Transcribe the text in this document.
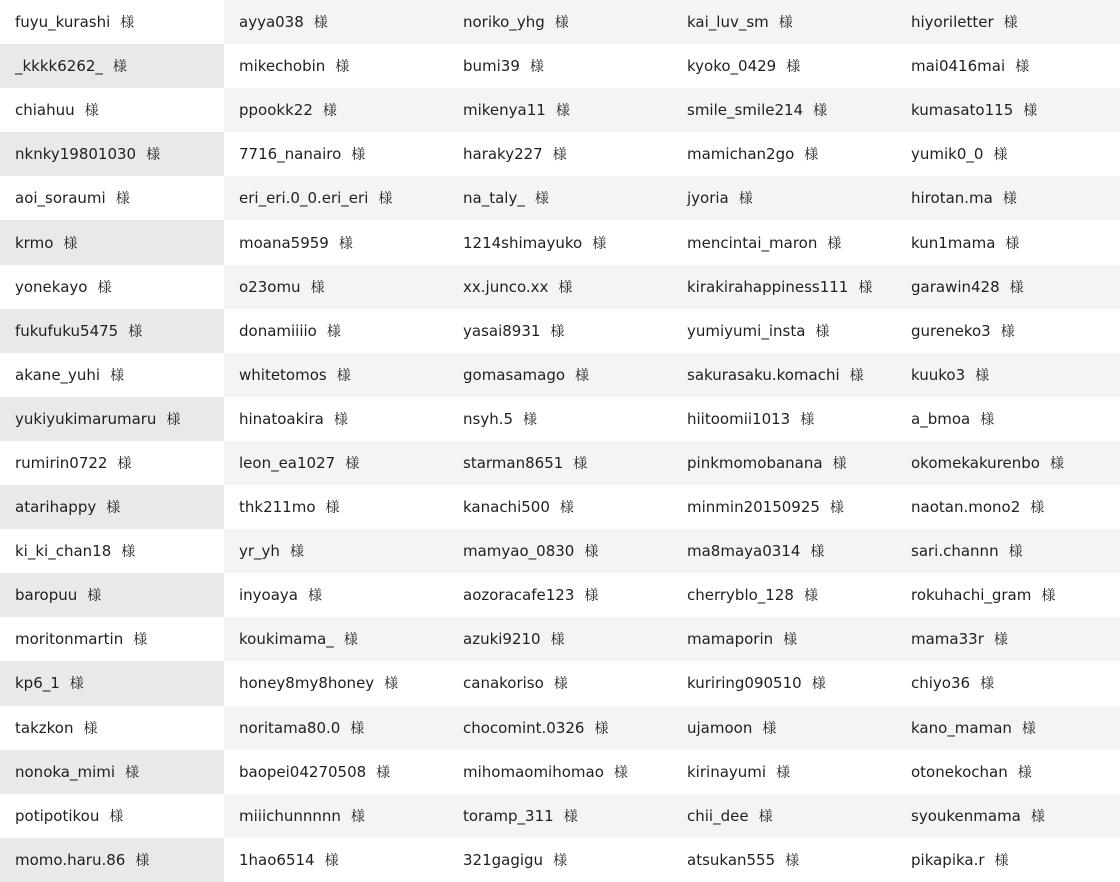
fuyu_kurashi 様	ayya038 様	noriko_yhg 様	kai_luv_sm 様	hiyoriletter 様
_kkkk6262_ 様	mikechobin 様	bumi39 様	kyoko_0429 様	mai0416mai 様
chiahuu 様	ppookk22 様	mikenya11 様	smile_smile214 様	kumasato115 様
nknky19801030 様	7716_nanairo 様	haraky227 様	mamichan2go 様	yumik0_0 様
aoi_soraumi 様	eri_eri.0_0.eri_eri 様	na_taly_ 様	jyoria 様	hirotan.ma 様
krmo 様	moana5959 様	1214shimayuko 様	mencintai_maron 様	kun1mama 様
yonekayo 様	o23omu 様	xx.junco.xx 様	kirakirahappiness111 様	garawin428 様
fukufuku5475 様	donamiiiio 様	yasai8931 様	yumiyumi_insta 様	gureneko3 様
akane_yuhi 様	whitetomos 様	gomasamago 様	sakurasaku.komachi 様	kuuko3 様
yukiyukimarumaru 様	hinatoakira 様	nsyh.5 様	hiitoomii1013 様	a_bmoa 様
rumirin0722 様	leon_ea1027 様	starman8651 様	pinkmomobanana 様	okomekakurenbo 様
atarihappy 様	thk211mo 様	kanachi500 様	minmin20150925 様	naotan.mono2 様
ki_ki_chan18 様	yr_yh 様	mamyao_0830 様	ma8maya0314 様	sari.channn 様
baropuu 様	inyoaya 様	aozoracafe123 様	cherryblo_128 様	rokuhachi_gram 様
moritonmartin 様	koukimama_ 様	azuki9210 様	mamaporin 様	mama33r 様
kp6_1 様	honey8my8honey 様	canakoriso 様	kuriring090510 様	chiyo36 様
takzkon 様	noritama80.0 様	chocomint.0326 様	ujamoon 様	kano_maman 様
nonoka_mimi 様	baopei04270508 様	mihomaomihomao 様	kirinayumi 様	otonekochan 様
potipotikou 様	miiichunnnnn 様	toramp_311 様	chii_dee 様	syoukenmama 様
momo.haru.86 様	1hao6514 様	321gagigu 様	atsukan555 様	pikapika.r 様
